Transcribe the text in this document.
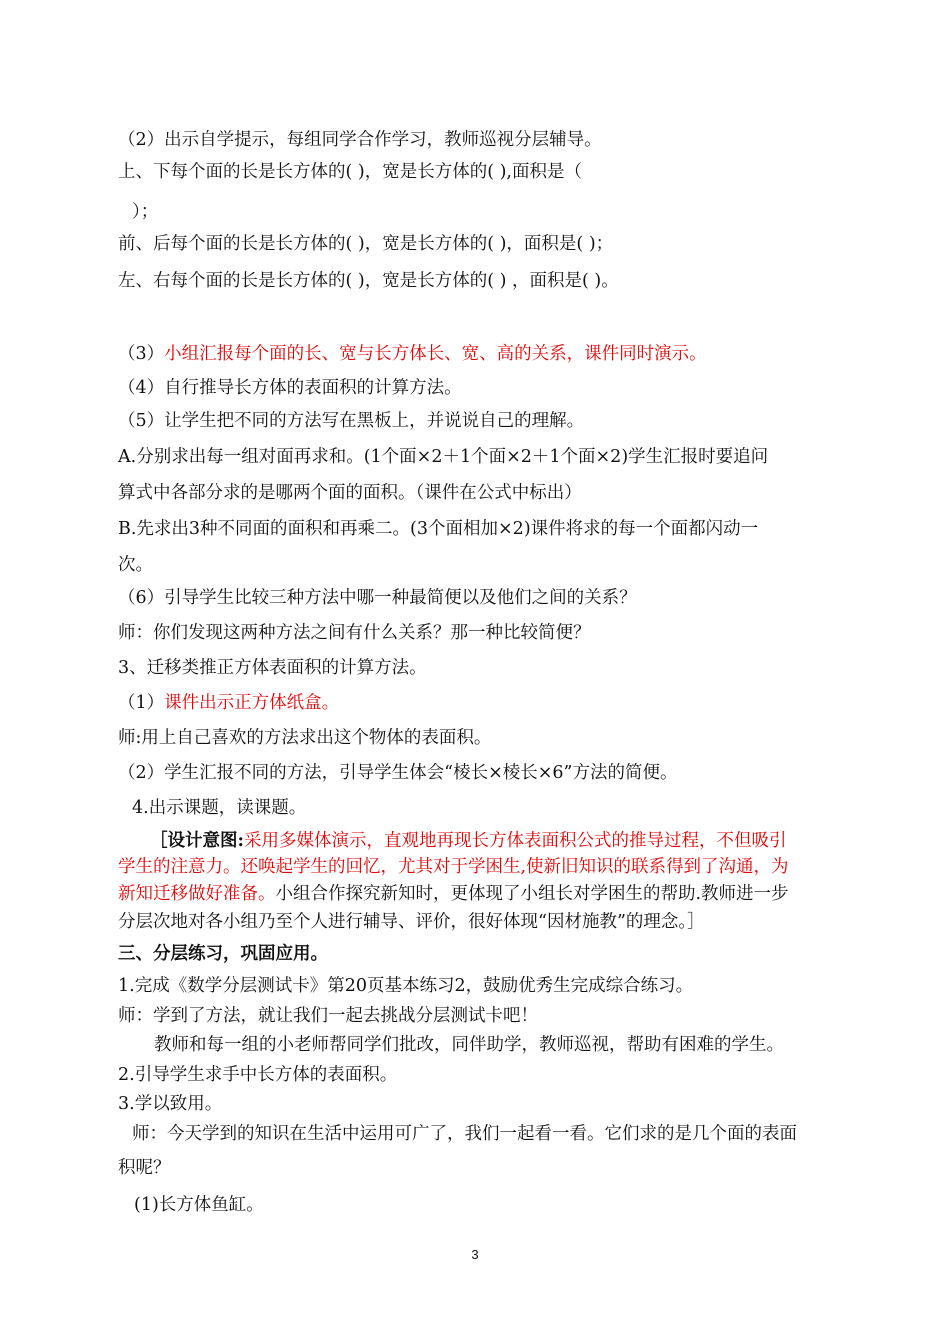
（2）出示自学提示，每组同学合作学习，教师巡视分层辅导。
上、下每个面的长是长方体的( )，宽是长方体的( ),面积是（
）；
前、后每个面的长是长方体的( )，宽是长方体的( )，面积是( )；
左、右每个面的长是长方体的( )，宽是长方体的( ) ，面积是( )。
（3）小组汇报每个面的长、宽与长方体长、宽、高的关系，课件同时演示。
（4）自行推导长方体的表面积的计算方法。
（5）让学生把不同的方法写在黑板上，并说说自己的理解。
A.分别求出每一组对面再求和。(1个面×2＋1个面×2＋1个面×2)学生汇报时要追问
算式中各部分求的是哪两个面的面积。（课件在公式中标出）
B.先求出3种不同面的面积和再乘二。(3个面相加×2)课件将求的每一个面都闪动一
次。
（6）引导学生比较三种方法中哪一种最简便以及他们之间的关系？
师：你们发现这两种方法之间有什么关系？那一种比较简便？
3、迁移类推正方体表面积的计算方法。
（1）课件出示正方体纸盒。
师:用上自己喜欢的方法求出这个物体的表面积。
（2）学生汇报不同的方法，引导学生体会“棱长×棱长×6”方法的简便。
4.出示课题，读课题。
［设计意图:采用多媒体演示，直观地再现长方体表面积公式的推导过程，不但吸引
学生的注意力。还唤起学生的回忆，尤其对于学困生,使新旧知识的联系得到了沟通，为
新知迁移做好准备。小组合作探究新知时，更体现了小组长对学困生的帮助.教师进一步
分层次地对各小组乃至个人进行辅导、评价，很好体现“因材施教”的理念。］
三、分层练习，巩固应用。
1.完成《数学分层测试卡》第20页基本练习2，鼓励优秀生完成综合练习。
师：学到了方法，就让我们一起去挑战分层测试卡吧！
教师和每一组的小老师帮同学们批改，同伴助学，教师巡视，帮助有困难的学生。
2.引导学生求手中长方体的表面积。
3.学以致用。
师：今天学到的知识在生活中运用可广了，我们一起看一看。它们求的是几个面的表面
积呢？
(1)长方体鱼缸。
3
